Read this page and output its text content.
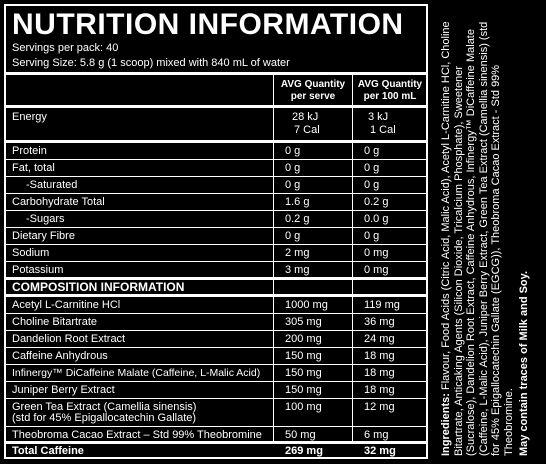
NUTRITION INFORMATION
Servings per pack: 40
Serving Size: 5.8 g (1 scoop) mixed with 840 mL of water
AVG Quantity
per serve
AVG Quantity
per 100 mL
Energy	28 kJ	3 kJ
7 Cal	1 Cal
Protein	0 g	0 g
Fat, total	0 g	0 g
-Saturated	0 g	0 g
Carbohydrate Total	1.6 g	0.2 g
-Sugars	0.2 g	0.0 g
Dietary Fibre	0 g	0 g
Sodium	2 mg	0 mg
Potassium	3 mg	0 mg
COMPOSITION INFORMATION
Acetyl L-Carnitine HCl	1000 mg	119 mg
Choline Bitartrate	305 mg	36 mg
Dandelion Root Extract	200 mg	24 mg
Caffeine Anhydrous	150 mg	18 mg
Infinergy™ DiCaffeine Malate (Caffeine, L-Malic Acid) 150 mg	18 mg
Juniper Berry Extract	150 mg	18 mg
Green Tea Extract (Camellia sinensis)	100 mg	12 mg
(std for 45% Epigallocatechin Gallate)
Theobroma Cacao Extract – Std 99% Theobromine 50 mg	6 mg
Total Caffeine	269 mg	32 mg	Ingredients: Flavour, Food Acids (Citric Acid, Malic Acid), Acetyl L-Carnitine HCl, Choline Bitartrate, Anticaking Agents (Silicon Dioxide, Tricalcium Phosphate), Sweetener (Sucralose), Dandelion Root Extract, Caffeine Anhydrous, Infinergy™ DiCaffeine Malate (Caffeine, L-Malic Acid), Juniper Berry Extract, Green Tea Extract (Camellia sinensis) (std for 45% Epigallocatechin Gallate (EGCG)), Theobroma Cacao Extract - Std 99% Theobromine. May contain traces of Milk and Soy.
